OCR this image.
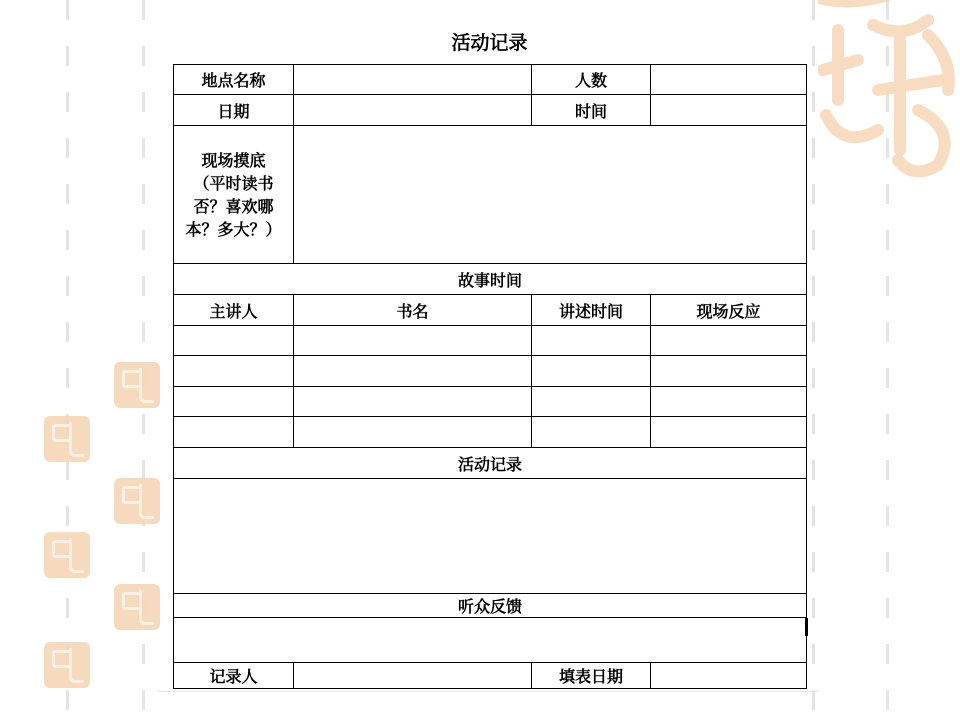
活动记录
地点名称		人数	
日期		时间	

现场摸底
（平时读书
否？喜欢哪
本？多大？）			

故事时间			
主讲人	书名	讲述时间	现场反应

活动记录			

听众反馈			

记录人		填表日期	
